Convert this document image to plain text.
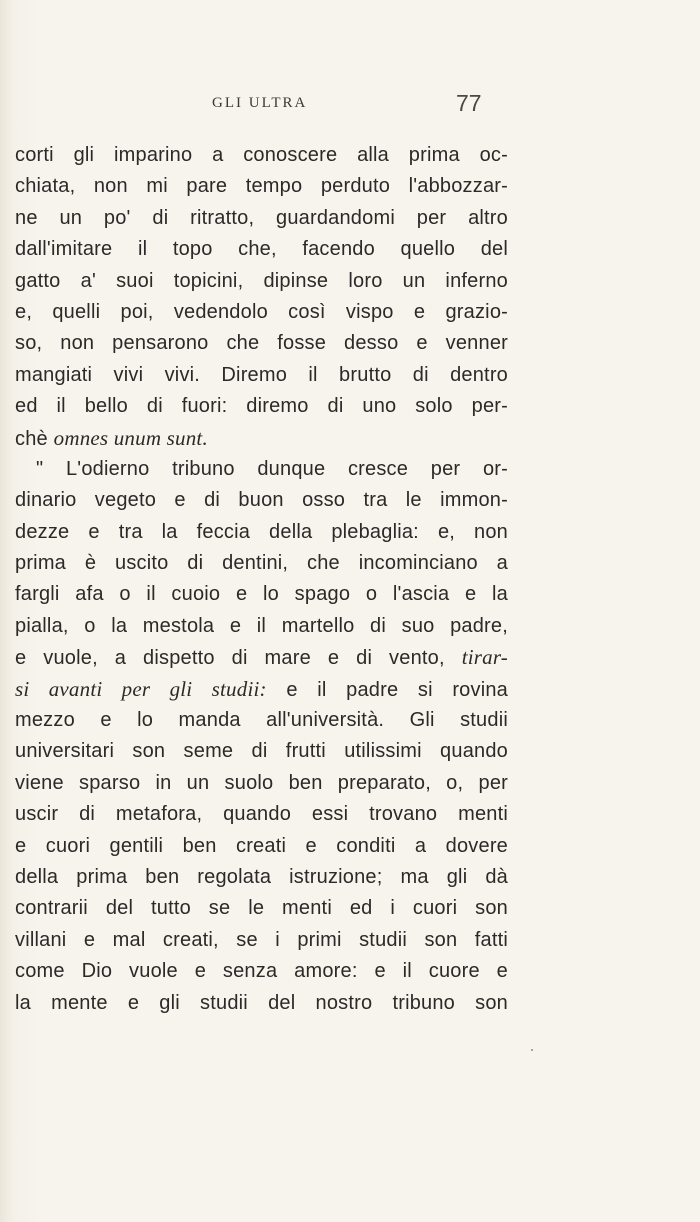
GLI ULTRA	77
corti gli imparino a conoscere alla prima oc-
chiata, non mi pare tempo perduto l'abbozzar-
ne un po' di ritratto, guardandomi per altro
dall'imitare il topo che, facendo quello del
gatto a' suoi topicini, dipinse loro un inferno
e, quelli poi, vedendolo così vispo e grazio-
so, non pensarono che fosse desso e venner
mangiati vivi vivi. Diremo il brutto di dentro
ed il bello di fuori: diremo di uno solo per-
chè omnes unum sunt.
" L'odierno tribuno dunque cresce per or-
dinario vegeto e di buon osso tra le immon-
dezze e tra la feccia della plebaglia: e, non
prima è uscito di dentini, che incominciano a
fargli afa o il cuoio e lo spago o l'ascia e la
pialla, o la mestola e il martello di suo padre,
e vuole, a dispetto di mare e di vento, tirar-
si avanti per gli studii: e il padre si rovina
mezzo e lo manda all'università. Gli studii
universitari son seme di frutti utilissimi quando
viene sparso in un suolo ben preparato, o, per
uscir di metafora, quando essi trovano menti
e cuori gentili ben creati e conditi a dovere
della prima ben regolata istruzione; ma gli dà
contrarii del tutto se le menti ed i cuori son
villani e mal creati, se i primi studii son fatti
come Dio vuole e senza amore: e il cuore e
la mente e gli studii del nostro tribuno son
